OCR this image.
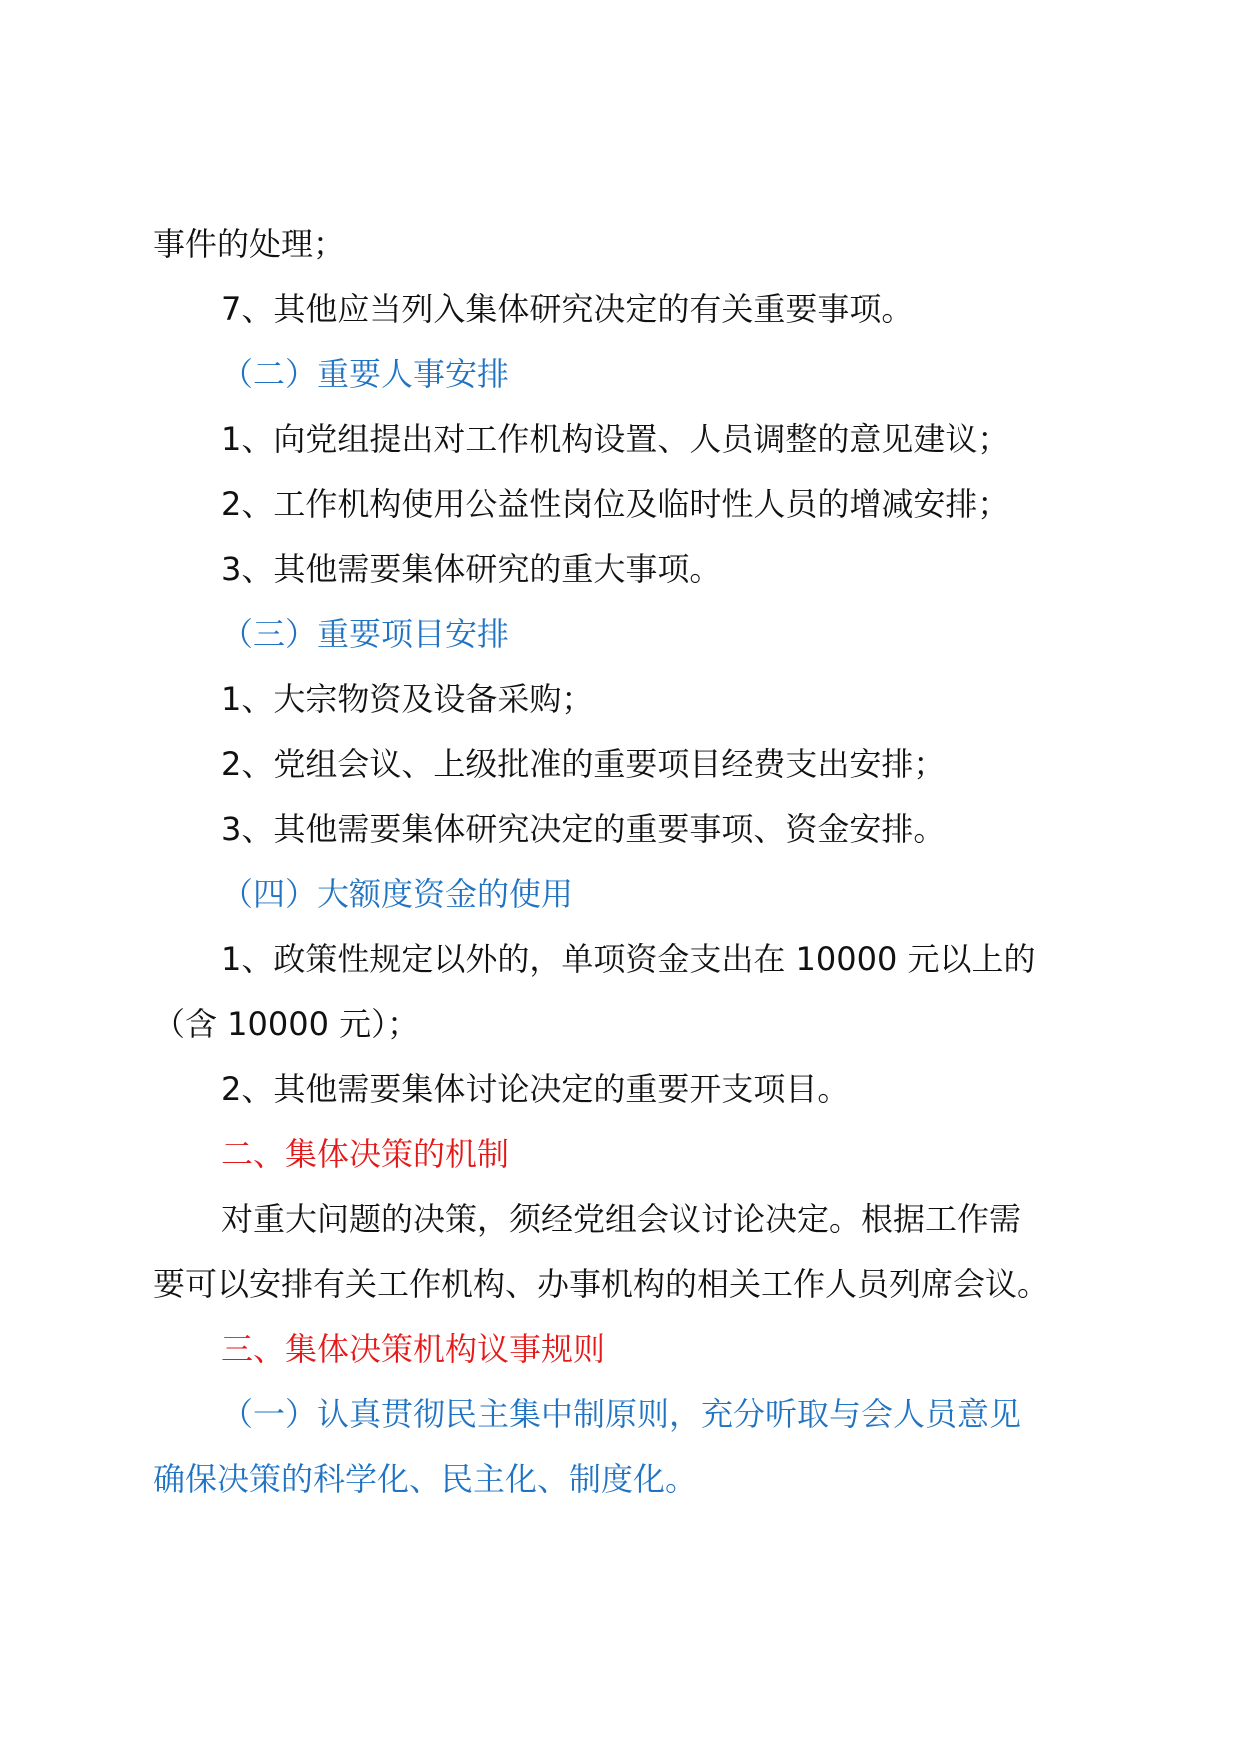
事件的处理；
7、其他应当列入集体研究决定的有关重要事项。
（二）重要人事安排
1、向党组提出对工作机构设置、人员调整的意见建议；
2、工作机构使用公益性岗位及临时性人员的增减安排；
3、其他需要集体研究的重大事项。
（三）重要项目安排
1、大宗物资及设备采购；
2、党组会议、上级批准的重要项目经费支出安排；
3、其他需要集体研究决定的重要事项、资金安排。
（四）大额度资金的使用
1、政策性规定以外的，单项资金支出在 10000 元以上的
（含 10000 元）；
2、其他需要集体讨论决定的重要开支项目。
二、集体决策的机制
对重大问题的决策，须经党组会议讨论决定。根据工作需
要可以安排有关工作机构、办事机构的相关工作人员列席会议。
三、集体决策机构议事规则
（一）认真贯彻民主集中制原则，充分听取与会人员意见
确保决策的科学化、民主化、制度化。
